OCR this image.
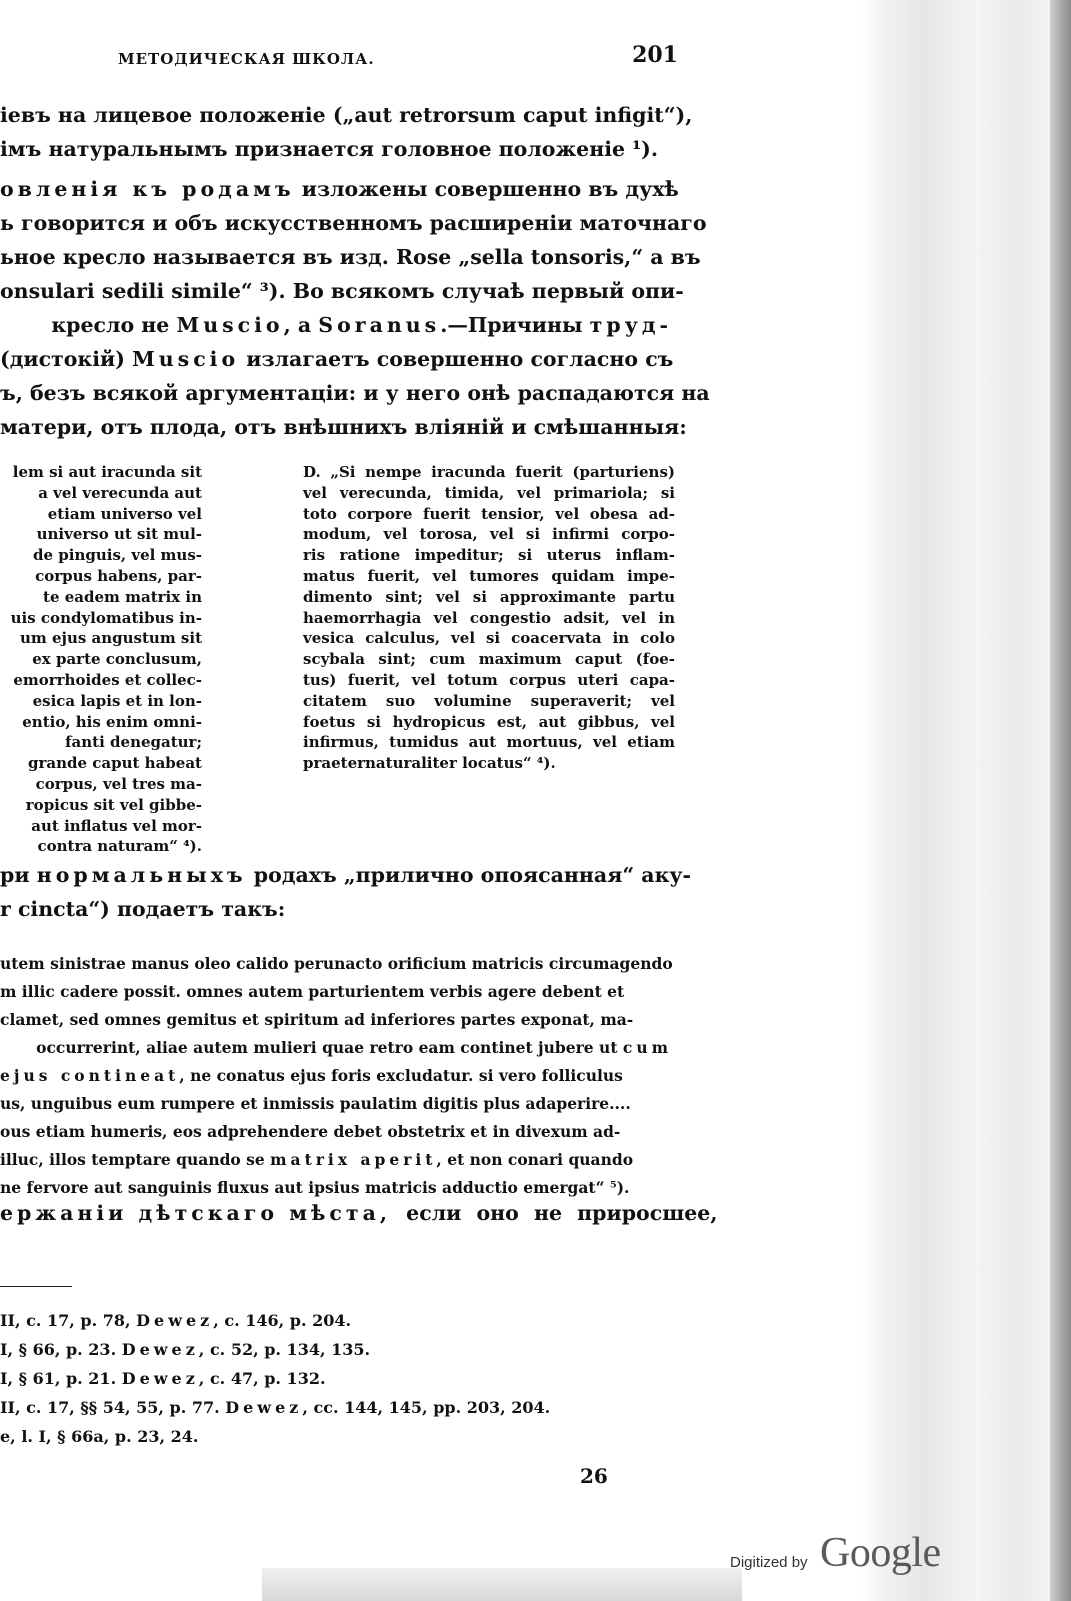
МЕТОДИЧЕСКАЯ ШКОЛА.	201
іевъ на лицевое положеніе („aut retrorsum caput infigit“),
імъ натуральнымъ признается головное положеніе ¹).
овленія къ родамъ изложены совершенно въ духѣ
ь говорится и объ искусственномъ расширеніи маточнаго
ьное кресло называется въ изд. Rose „sella tonsoris,“ а въ
onsulari sedili simile“ ³). Во всякомъ случаѣ первый опи-
кресло не Muscio, а Soranus.—Причины труд-
(дистокій) Muscio излагаетъ совершенно согласно съ
ъ, безъ всякой аргументаціи: и у него онѣ распадаются на
матери, отъ плода, отъ внѣшнихъ вліяній и смѣшанныя:
lem si aut iracunda sit
a vel verecunda aut
etiam universo vel
universo ut sit mul-
de pinguis, vel mus-
corpus habens, par-
te eadem matrix in
uis condylomatibus in-
um ejus angustum sit
ex parte conclusum,
emorrhoides et collec-
esica lapis et in lon-
entio, his enim omni-
fanti denegatur;
grande caput habeat
corpus, vel tres ma-
ropicus sit vel gibbe-
aut inflatus vel mor-
contra naturam“ ⁴).
D. „Si nempe iracunda fuerit (parturiens)
vel verecunda, timida, vel primariola; si
toto corpore fuerit tensior, vel obesa ad-
modum, vel torosa, vel si infirmi corpo-
ris ratione impeditur; si uterus inflam-
matus fuerit, vel tumores quidam impe-
dimento sint; vel si approximante partu
haemorrhagia vel congestio adsit, vel in
vesica calculus, vel si coacervata in colo
scybala sint; cum maximum caput (foe-
tus) fuerit, vel totum corpus uteri capa-
citatem suo volumine superaverit; vel
foetus si hydropicus est, aut gibbus, vel
infirmus, tumidus aut mortuus, vel etiam
praeternaturaliter locatus“ ⁴).
ри нормальныхъ родахъ „прилично опоясанная“ аку-
r cincta“) подаетъ такъ:
utem sinistrae manus oleo calido perunacto orificium matricis circumagendo
m illic cadere possit. omnes autem parturientem verbis agere debent et
clamet, sed omnes gemitus et spiritum ad inferiores partes exponat, ma-
occurrerint, aliae autem mulieri quae retro eam continet jubere ut cum
ejus contineat, ne conatus ejus foris excludatur. si vero folliculus
us, unguibus eum rumpere et inmissis paulatim digitis plus adaperire....
ous etiam humeris, eos adprehendere debet obstetrix et in divexum ad-
illuc, illos temptare quando se matrix aperit, et non conari quando
ne fervore aut sanguinis fluxus aut ipsius matricis adductio emergat“ ⁵).
ержаніи дѣтскаго мѣста, если оно не приросшее,
II, c. 17, p. 78, Dewez, c. 146, p. 204.
I, § 66, p. 23. Dewez, c. 52, p. 134, 135.
I, § 61, p. 21. Dewez, c. 47, p. 132.
II, c. 17, §§ 54, 55, p. 77. Dewez, cc. 144, 145, pp. 203, 204.
e, l. I, § 66a, p. 23, 24.
26
Digitized by Google
